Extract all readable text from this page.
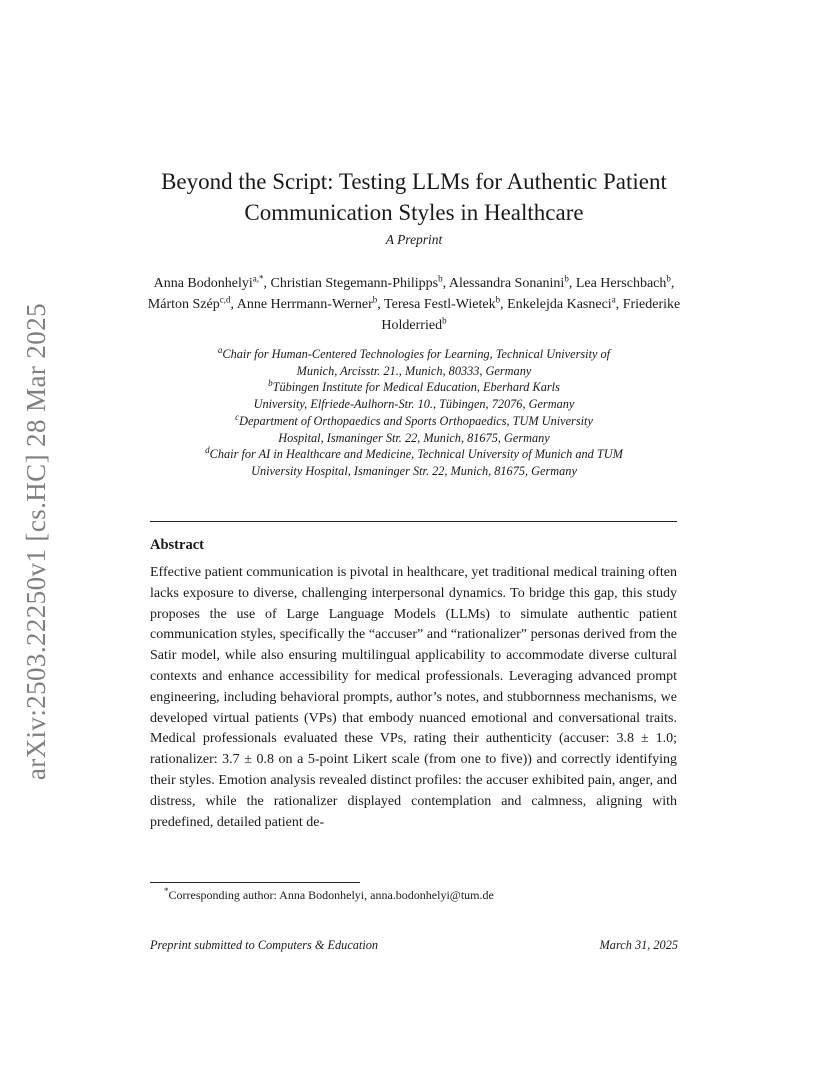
arXiv:2503.22250v1 [cs.HC] 28 Mar 2025
Beyond the Script: Testing LLMs for Authentic Patient
Communication Styles in Healthcare
A Preprint
Anna Bodonhelyi$^{a,*}$, Christian Stegemann-Philipps$^b$, Alessandra Sonanini$^b$, Lea Herschbach$^b$, Márton Szép$^{c,d}$, Anne Herrmann-Werner$^b$, Teresa Festl-Wietek$^b$, Enkelejda Kasneci$^a$, Friederike Holderried$^b$
$^a$Chair for Human-Centered Technologies for Learning, Technical University of
Munich, Arcisstr. 21., Munich, 80333, Germany
$^b$Tübingen Institute for Medical Education, Eberhard Karls
University, Elfriede-Aulhorn-Str. 10., Tübingen, 72076, Germany
$^c$Department of Orthopaedics and Sports Orthopaedics, TUM University
Hospital, Ismaninger Str. 22, Munich, 81675, Germany
$^d$Chair for AI in Healthcare and Medicine, Technical University of Munich and TUM
University Hospital, Ismaninger Str. 22, Munich, 81675, Germany
Abstract
Effective patient communication is pivotal in healthcare, yet traditional medical training often lacks exposure to diverse, challenging interpersonal dynamics. To bridge this gap, this study proposes the use of Large Language Models (LLMs) to simulate authentic patient communication styles, specifically the “accuser” and “rationalizer” personas derived from the Satir model, while also ensuring multilingual applicability to accommodate diverse cultural contexts and enhance accessibility for medical professionals. Leveraging advanced prompt engineering, including behavioral prompts, author’s notes, and stubbornness mechanisms, we developed virtual patients (VPs) that embody nuanced emotional and conversational traits. Medical professionals evaluated these VPs, rating their authenticity (accuser: 3.8 ± 1.0; rationalizer: 3.7 ± 0.8 on a 5-point Likert scale (from one to five)) and correctly identifying their styles. Emotion analysis revealed distinct profiles: the accuser exhibited pain, anger, and distress, while the rationalizer displayed contemplation and calmness, aligning with predefined, detailed patient de-
*Corresponding author: Anna Bodonhelyi, anna.bodonhelyi@tum.de
Preprint submitted to Computers & Education	March 31, 2025
